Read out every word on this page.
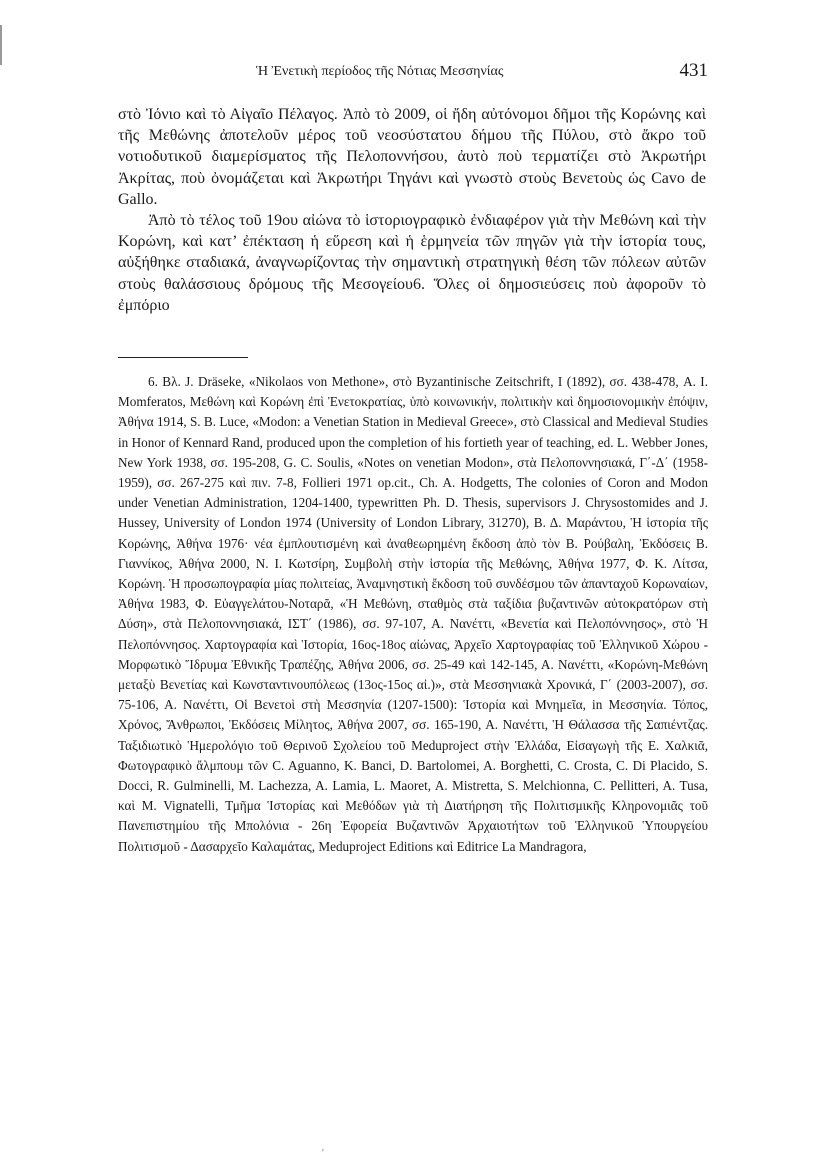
Ἡ Ἐνετικὴ περίοδος τῆς Νότιας Μεσσηνίας	431

στὸ Ἰόνιο καὶ τὸ Αἰγαῖο Πέλαγος. Ἀπὸ τὸ 2009, οἱ ἤδη αὐτόνομοι δῆμοι τῆς Κορώνης καὶ τῆς Μεθώνης ἀποτελοῦν μέρος τοῦ νεοσύστατου δήμου τῆς Πύλου, στὸ ἄκρο τοῦ νοτιοδυτικοῦ διαμερίσματος τῆς Πελοποννήσου, ἀυτὸ ποὺ τερματίζει στὸ Ἀκρωτήρι Ἀκρίτας, ποὺ ὀνομάζεται καὶ Ἀκρωτήρι Τηγάνι καὶ γνωστὸ στοὺς Βενετοὺς ὡς Cavo de Gallo.

Ἀπὸ τὸ τέλος τοῦ 19ου αἰώνα τὸ ἱστοριογραφικὸ ἐνδιαφέρον γιὰ τὴν Μεθώνη καὶ τὴν Κορώνη, καὶ κατ’ ἐπέκταση ἡ εὕρεση καὶ ἡ ἑρμηνεία τῶν πηγῶν γιὰ τὴν ἱστορία τους, αὐξήθηκε σταδιακά, ἀναγνωρίζοντας τὴν σημαντικὴ στρατηγικὴ θέση τῶν πόλεων αὐτῶν στοὺς θαλάσσιους δρόμους τῆς Μεσογείου6. Ὅλες οἱ δημοσιεύσεις ποὺ ἀφοροῦν τὸ ἐμπόριο

6. Βλ. J. Dräseke, «Nikolaos von Methone», στὸ Byzantinische Zeitschrift, I (1892), σσ. 438-478, A. I. Momferatos, Μεθώνη καὶ Κορώνη ἐπὶ Ἐνετοκρατίας, ὑπὸ κοινωνικήν, πολιτικὴν καὶ δημοσιονομικὴν ἐπόψιν, Ἀθήνα 1914, S. B. Luce, «Modon: a Venetian Station in Medieval Greece», στὸ Classical and Medieval Studies in Honor of Kennard Rand, produced upon the completion of his fortieth year of teaching, ed. L. Webber Jones, New York 1938, σσ. 195-208, G. C. Soulis, «Notes on venetian Modon», στὰ Πελοποννησιακά, Γ΄-Δ΄ (1958-1959), σσ. 267-275 καὶ πιν. 7-8, Follieri 1971 op.cit., Ch. A. Hodgetts, The colonies of Coron and Modon under Venetian Administration, 1204-1400, typewritten Ph. D. Thesis, supervisors J. Chrysostomides and J. Hussey, University of London 1974 (University of London Library, 31270), Β. Δ. Μαράντου, Ἡ ἱστορία τῆς Κορώνης, Ἀθήνα 1976· νέα ἐμπλουτισμένη καὶ ἀναθεωρημένη ἔκδοση ἀπὸ τὸν Β. Ρούβαλη, Ἐκδόσεις Β. Γιαννίκος, Ἀθήνα 2000, Ν. Ι. Κωτσίρη, Συμβολὴ στὴν ἱστορία τῆς Μεθώνης, Ἀθήνα 1977, Φ. Κ. Λίτσα, Κορώνη. Ἡ προσωπογραφία μίας πολιτείας, Ἀναμνηστικὴ ἔκδοση τοῦ συνδέσμου τῶν ἀπανταχοῦ Κορωναίων, Ἀθήνα 1983, Φ. Εὐαγγελάτου-Νοταρᾶ, «Ἡ Μεθώνη, σταθμὸς στὰ ταξίδια βυζαντινῶν αὐτοκρατόρων στὴ Δύση», στὰ Πελοποννησιακά, ΙΣΤ΄ (1986), σσ. 97-107, Α. Νανέττι, «Βενετία καὶ Πελοπόννησος», στὸ Ἡ Πελοπόννησος. Χαρτογραφία καὶ Ἱστορία, 16ος-18ος αἰώνας, Ἀρχεῖο Χαρτογραφίας τοῦ Ἑλληνικοῦ Χώρου - Μορφωτικὸ Ἵδρυμα Ἐθνικῆς Τραπέζης, Ἀθήνα 2006, σσ. 25-49 καὶ 142-145, Α. Νανέττι, «Κορώνη-Μεθώνη μεταξὺ Βενετίας καὶ Κωνσταντινουπόλεως (13ος-15ος αἰ.)», στὰ Μεσσηνιακὰ Χρονικά, Γ΄ (2003-2007), σσ. 75-106, Α. Νανέττι, Οἱ Βενετοὶ στὴ Μεσσηνία (1207-1500): Ἱστορία καὶ Μνημεῖα, in Μεσσηνία. Τόπος, Χρόνος, Ἄνθρωποι, Ἐκδόσεις Μίλητος, Ἀθήνα 2007, σσ. 165-190, Α. Νανέττι, Ἡ Θάλασσα τῆς Σαπιέντζας. Ταξιδιωτικὸ Ἡμερολόγιο τοῦ Θερινοῦ Σχολείου τοῦ Meduproject στὴν Ἑλλάδα, Εἰσαγωγὴ τῆς Ε. Χαλκιᾶ, Φωτογραφικὸ ἄλμπουμ τῶν C. Aguanno, K. Banci, D. Bartolomei, A. Borghetti, C. Crosta, C. Di Placido, S. Docci, R. Gulminelli, M. Lachezza, A. Lamia, L. Maoret, A. Mistretta, S. Melchionna, C. Pellitteri, A. Tusa, καὶ M. Vignatelli, Τμῆμα Ἱστορίας καὶ Μεθόδων γιὰ τὴ Διατήρηση τῆς Πολιτισμικῆς Κληρονομιᾶς τοῦ Πανεπιστημίου τῆς Μπολόνια - 26η Ἐφορεία Βυζαντινῶν Ἀρχαιοτήτων τοῦ Ἑλληνικοῦ Ὑπουργείου Πολιτισμοῦ - Δασαρχεῖο Καλαμάτας, Meduproject Editions καὶ Editrice La Mandragora,

'
